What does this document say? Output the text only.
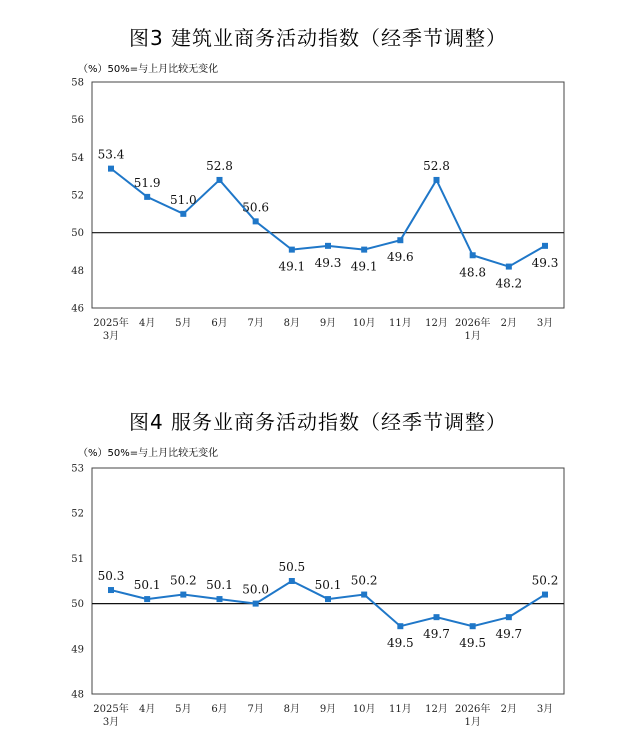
图3 建筑业商务活动指数（经季节调整）
（%）50%=与上月比较无变化
46
48
50
52
54
56
58
2025年
3月
4月 5月 6月 7月 8月 9月 10月 11月 12月 2026年
1月
2月 3月
53.4
51.9
51.0
52.8
50.6
49.1 49.3 49.1
49.6
52.8
48.8
48.2
49.3
图4 服务业商务活动指数（经季节调整）
（%）50%=与上月比较无变化
48
49
50
51
52
53
2025年
3月
4月 5月 6月 7月 8月 9月 10月 11月 12月 2026年
1月
2月 3月
50.3
50.1 50.2 50.1 50.0
50.5
50.1 50.2
49.5
49.7
49.5
49.7
50.2
